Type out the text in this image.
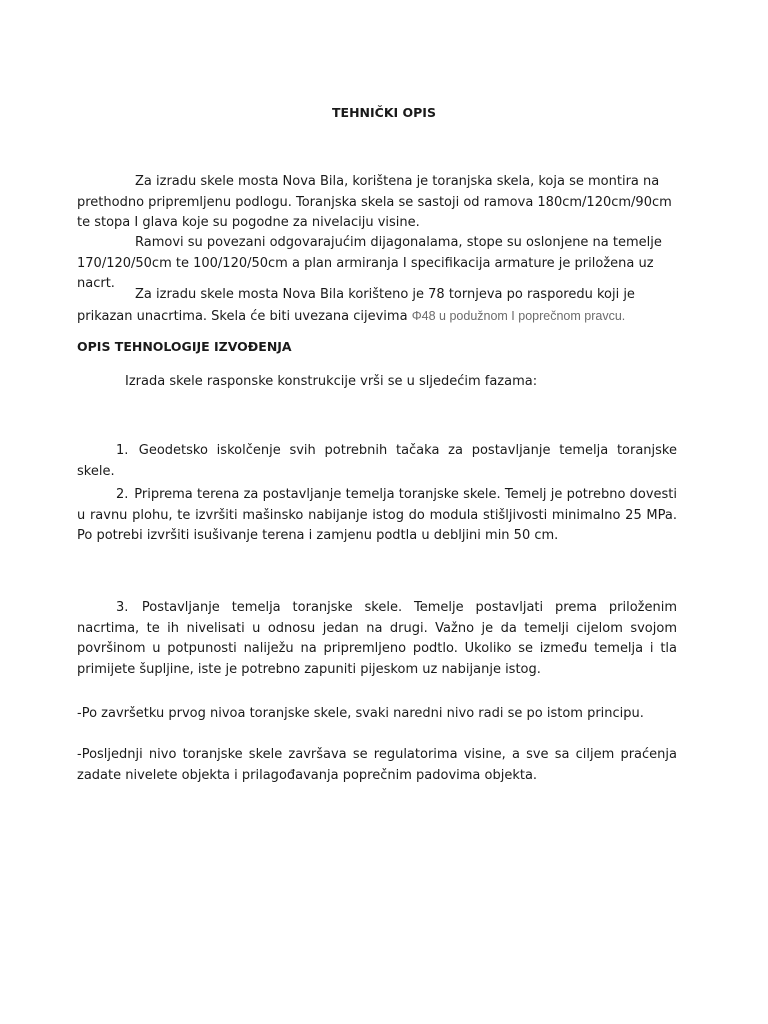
TEHNIČKI OPIS

Za izradu skele mosta Nova Bila, korištena je toranjska skela, koja se montira na prethodno pripremljenu podlogu. Toranjska skela se sastoji od ramova 180cm/120cm/90cm te stopa I glava koje su pogodne za nivelaciju visine.

Ramovi su povezani odgovarajućim dijagonalama, stope su oslonjene na temelje 170/120/50cm te 100/120/50cm a plan armiranja I specifikacija armature je priložena uz nacrt.

Za izradu skele mosta Nova Bila korišteno je 78 tornjeva po rasporedu koji je prikazan unacrtima. Skela će biti uvezana cijevima Φ48 u podužnom I poprečnom pravcu.

OPIS TEHNOLOGIJE IZVOĐENJA

Izrada skele rasponske konstrukcije vrši se u sljedećim fazama:

1. Geodetsko iskolčenje svih potrebnih tačaka za postavljanje temelja toranjske skele.

2. Priprema terena za postavljanje temelja toranjske skele. Temelj je potrebno dovesti u ravnu plohu, te izvršiti mašinsko nabijanje istog do modula stišljivosti minimalno 25 MPa. Po potrebi izvršiti isušivanje terena i zamjenu podtla u debljini min 50 cm.

3. Postavljanje temelja toranjske skele. Temelje postavljati prema priloženim nacrtima, te ih nivelisati u odnosu jedan na drugi. Važno je da temelji cijelom svojom površinom u potpunosti naliježu na pripremljeno podtlo. Ukoliko se između temelja i tla primijete šupljine, iste je potrebno zapuniti pijeskom uz nabijanje istog.

-Po završetku prvog nivoa toranjske skele, svaki naredni nivo radi se po istom principu.

-Posljednji nivo toranjske skele završava se regulatorima visine, a sve sa ciljem praćenja zadate nivelete objekta i prilagođavanja poprečnim padovima objekta.
